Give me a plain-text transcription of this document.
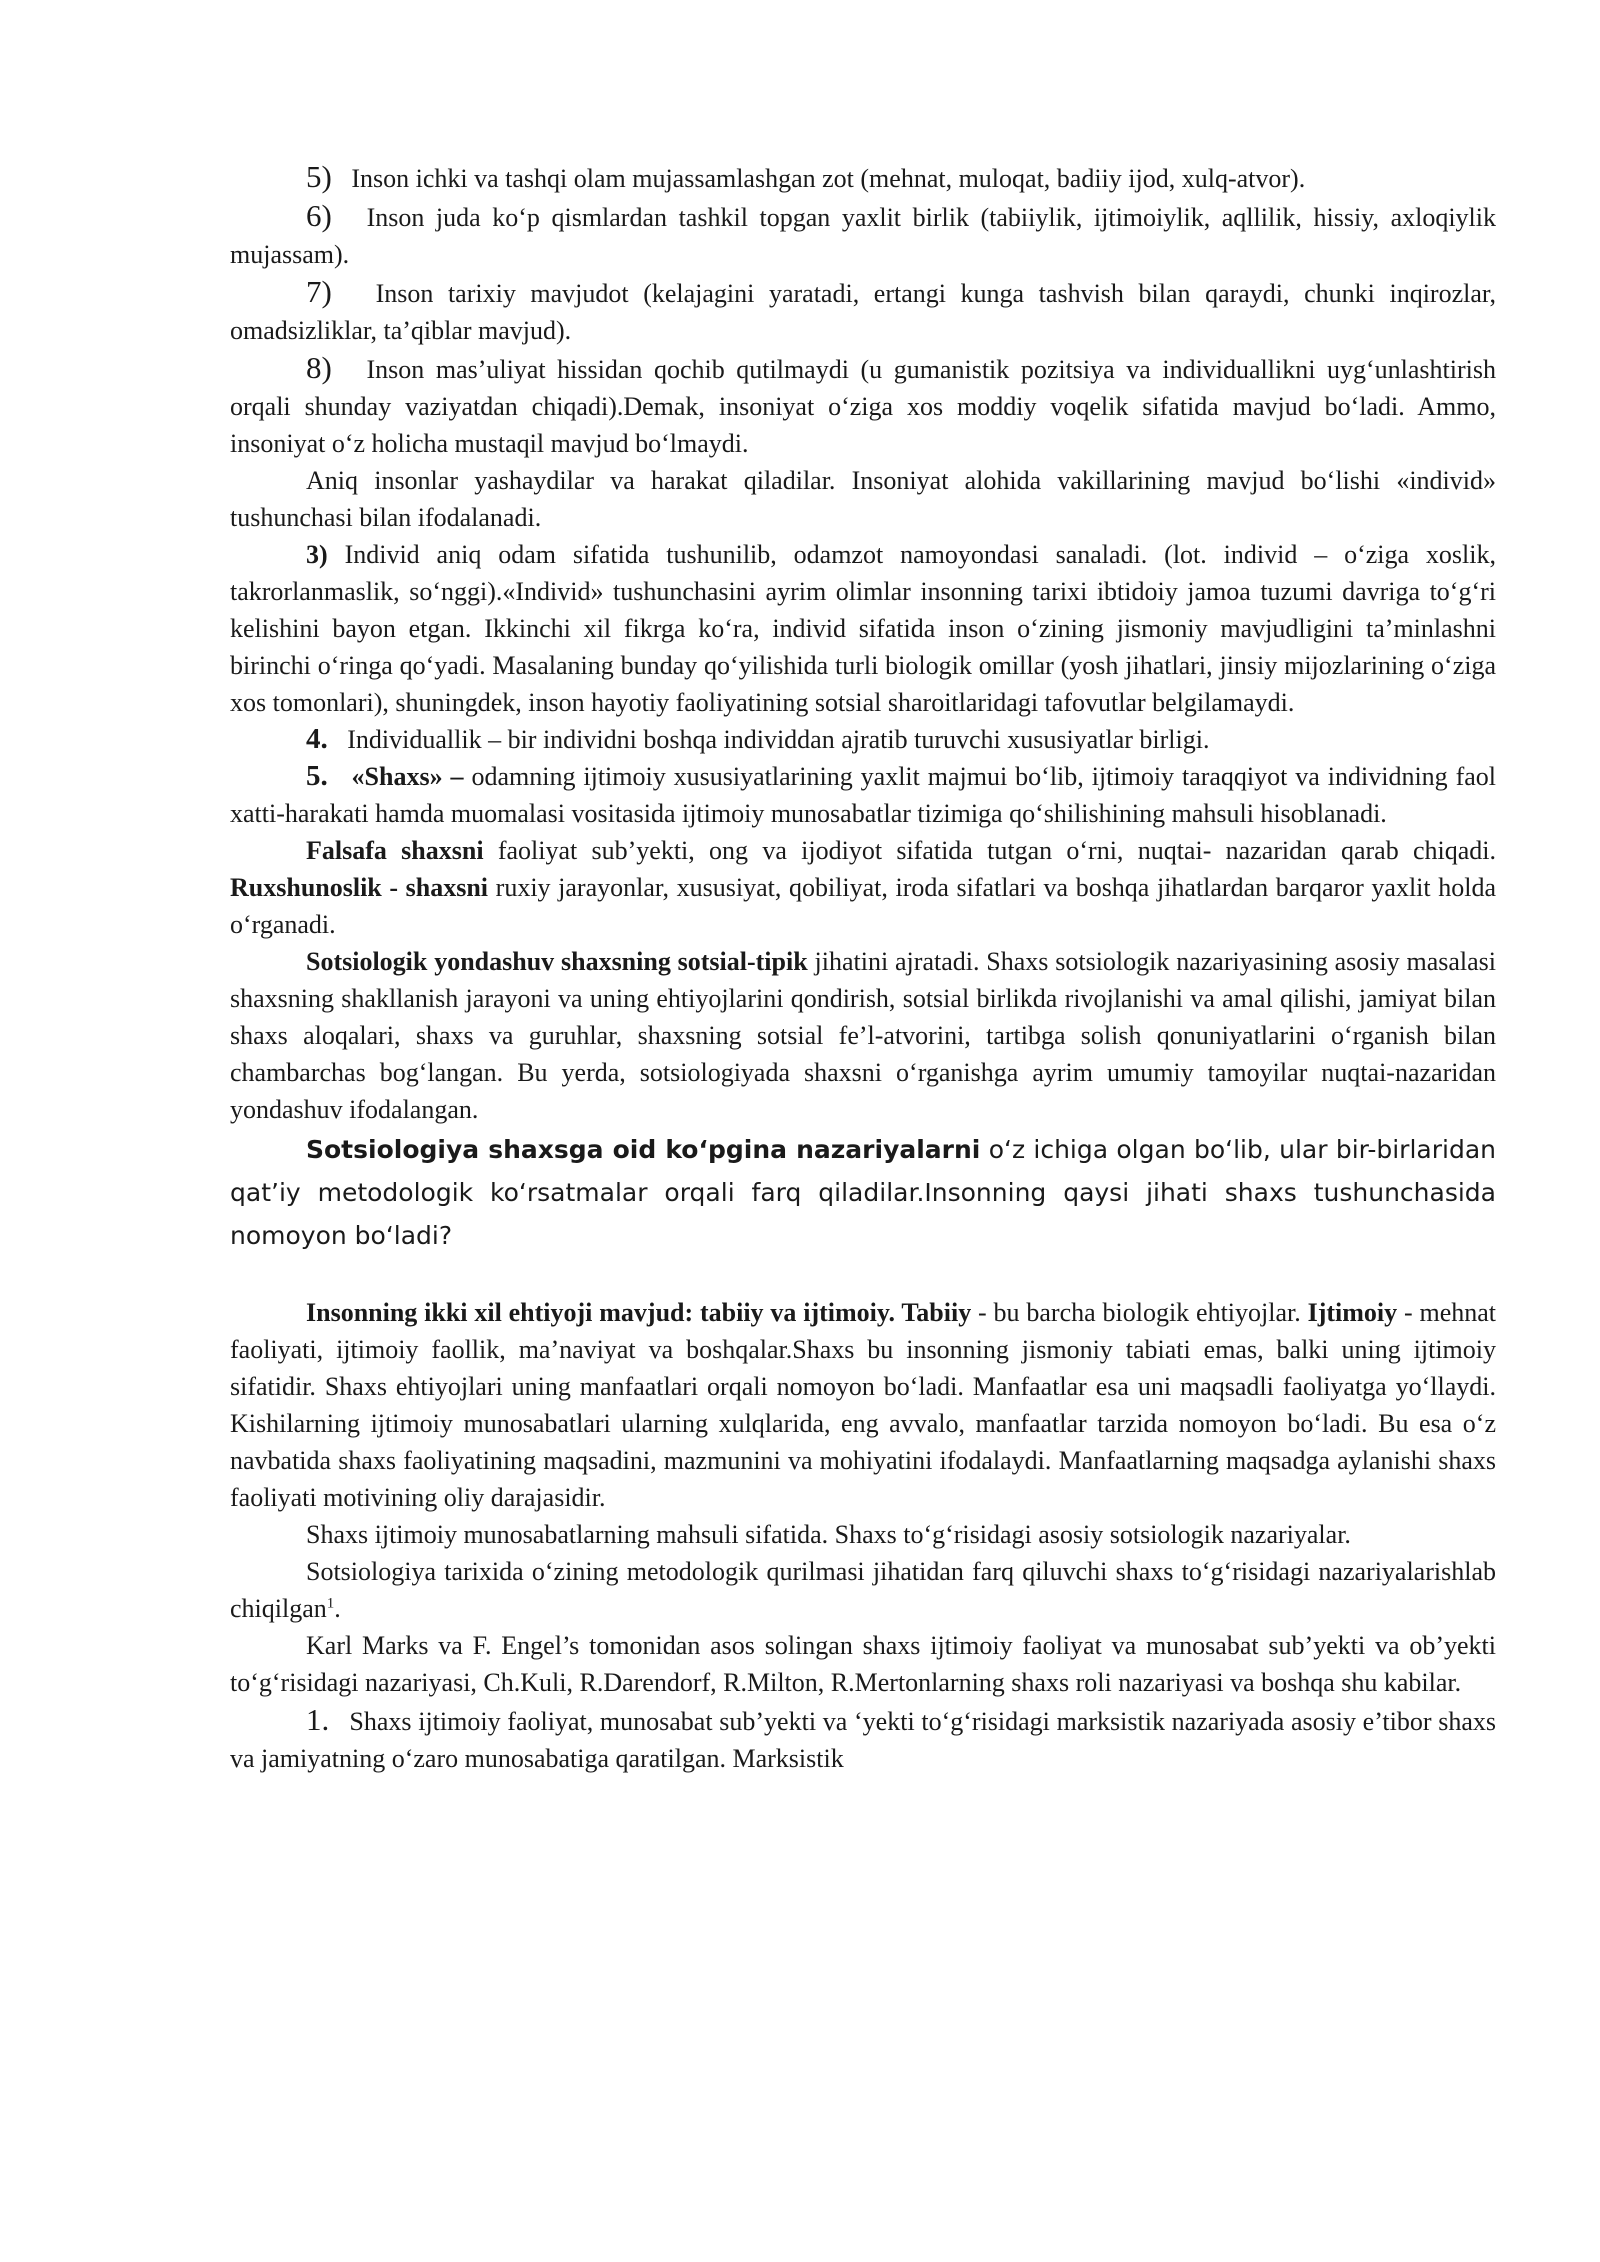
5) Inson ichki va tashqi olam mujassamlashgan zot (mehnat, muloqat, badiiy ijod, xulq-atvor).

6) Inson juda ko‘p qismlardan tashkil topgan yaxlit birlik (tabiiylik, ijtimoiylik, aqllilik, hissiy, axloqiylik mujassam).

7) Inson tarixiy mavjudot (kelajagini yaratadi, ertangi kunga tashvish bilan qaraydi, chunki inqirozlar, omadsizliklar, ta’qiblar mavjud).

8) Inson mas’uliyat hissidan qochib qutilmaydi (u gumanistik pozitsiya va individuallikni uyg‘unlashtirish orqali shunday vaziyatdan chiqadi).Demak, insoniyat o‘ziga xos moddiy voqelik sifatida mavjud bo‘ladi. Ammo, insoniyat o‘z holicha mustaqil mavjud bo‘lmaydi.

Aniq insonlar yashaydilar va harakat qiladilar. Insoniyat alohida vakillarining mavjud bo‘lishi «individ» tushunchasi bilan ifodalanadi.

3) Individ aniq odam sifatida tushunilib, odamzot namoyondasi sanaladi. (lot. individ – o‘ziga xoslik, takrorlanmaslik, so‘nggi).«Individ» tushunchasini ayrim olimlar insonning tarixi ibtidoiy jamoa tuzumi davriga to‘g‘ri kelishini bayon etgan. Ikkinchi xil fikrga ko‘ra, individ sifatida inson o‘zining jismoniy mavjudligini ta’minlashni birinchi o‘ringa qo‘yadi. Masalaning bunday qo‘yilishida turli biologik omillar (yosh jihatlari, jinsiy mijozlarining o‘ziga xos tomonlari), shuningdek, inson hayotiy faoliyatining sotsial sharoitlaridagi tafovutlar belgilamaydi.

4. Individuallik – bir individni boshqa individdan ajratib turuvchi xususiyatlar birligi.

5. «Shaxs» – odamning ijtimoiy xususiyatlarining yaxlit majmui bo‘lib, ijtimoiy taraqqiyot va individning faol xatti-harakati hamda muomalasi vositasida ijtimoiy munosabatlar tizimiga qo‘shilishining mahsuli hisoblanadi.

Falsafa shaxsni faoliyat sub’yekti, ong va ijodiyot sifatida tutgan o‘rni, nuqtai- nazaridan qarab chiqadi. Ruxshunoslik - shaxsni ruxiy jarayonlar, xususiyat, qobiliyat, iroda sifatlari va boshqa jihatlardan barqaror yaxlit holda o‘rganadi.

Sotsiologik yondashuv shaxsning sotsial-tipik jihatini ajratadi. Shaxs sotsiologik nazariyasining asosiy masalasi shaxsning shakllanish jarayoni va uning ehtiyojlarini qondirish, sotsial birlikda rivojlanishi va amal qilishi, jamiyat bilan shaxs aloqalari, shaxs va guruhlar, shaxsning sotsial fe’l-atvorini, tartibga solish qonuniyatlarini o‘rganish bilan chambarchas bog‘langan. Bu yerda, sotsiologiyada shaxsni o‘rganishga ayrim umumiy tamoyilar nuqtai-nazaridan yondashuv ifodalangan.

Sotsiologiya shaxsga oid ko‘pgina nazariyalarni o‘z ichiga olgan bo‘lib, ular bir-birlaridan qat’iy metodologik ko‘rsatmalar orqali farq qiladilar.Insonning qaysi jihati shaxs tushunchasida nomoyon bo‘ladi?

Insonning ikki xil ehtiyoji mavjud: tabiiy va ijtimoiy. Tabiiy - bu barcha biologik ehtiyojlar. Ijtimoiy - mehnat faoliyati, ijtimoiy faollik, ma’naviyat va boshqalar.Shaxs bu insonning jismoniy tabiati emas, balki uning ijtimoiy sifatidir. Shaxs ehtiyojlari uning manfaatlari orqali nomoyon bo‘ladi. Manfaatlar esa uni maqsadli faoliyatga yo‘llaydi. Kishilarning ijtimoiy munosabatlari ularning xulqlarida, eng avvalo, manfaatlar tarzida nomoyon bo‘ladi. Bu esa o‘z navbatida shaxs faoliyatining maqsadini, mazmunini va mohiyatini ifodalaydi. Manfaatlarning maqsadga aylanishi shaxs faoliyati motivining oliy darajasidir.

Shaxs ijtimoiy munosabatlarning mahsuli sifatida. Shaxs to‘g‘risidagi asosiy sotsiologik nazariyalar.

Sotsiologiya tarixida o‘zining metodologik qurilmasi jihatidan farq qiluvchi shaxs to‘g‘risidagi nazariyalarishlab chiqilgan$^1$.

Karl Marks va F. Engel’s tomonidan asos solingan shaxs ijtimoiy faoliyat va munosabat sub’yekti va ob’yekti to‘g‘risidagi nazariyasi, Ch.Kuli, R.Darendorf, R.Milton, R.Mertonlarning shaxs roli nazariyasi va boshqa shu kabilar.

1. Shaxs ijtimoiy faoliyat, munosabat sub’yekti va ‘yekti to‘g‘risidagi marksistik nazariyada asosiy e’tibor shaxs va jamiyatning o‘zaro munosabatiga qaratilgan. Marksistik
